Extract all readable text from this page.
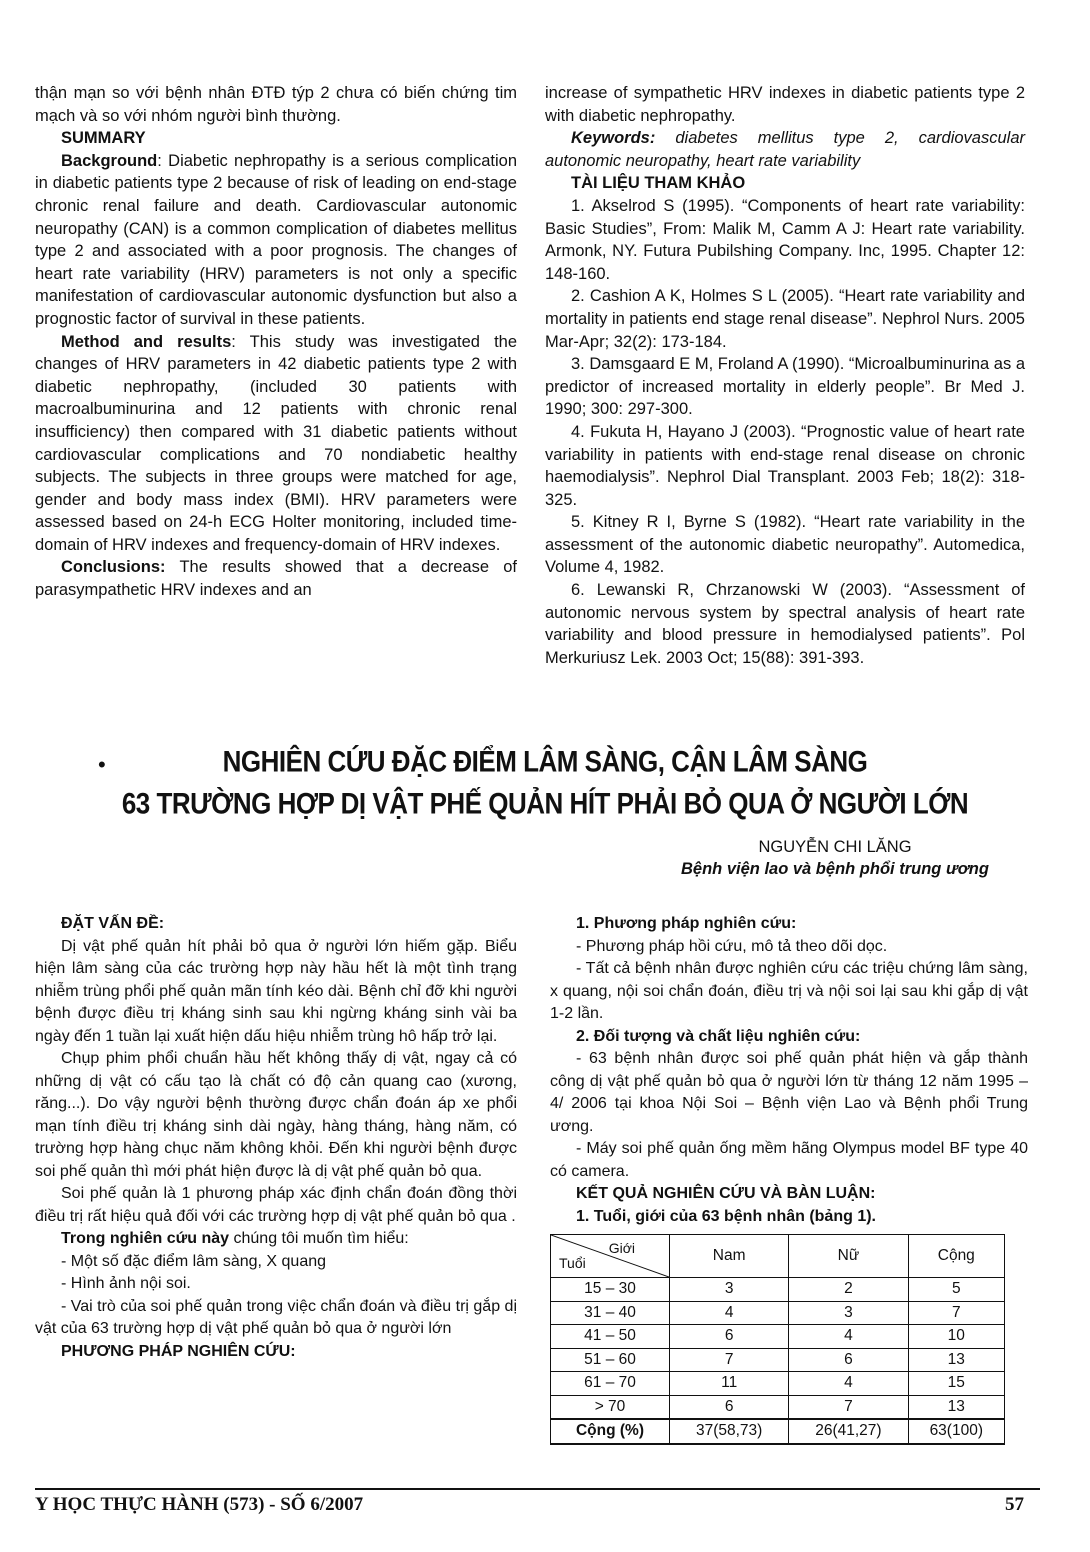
thận mạn so với bệnh nhân ĐTĐ týp 2 chưa có biến chứng tim mạch và so với nhóm người bình thường.

SUMMARY

Background: Diabetic nephropathy is a serious complication in diabetic patients type 2 because of risk of leading on end-stage chronic renal failure and death. Cardiovascular autonomic neuropathy (CAN) is a common complication of diabetes mellitus type 2 and associated with a poor prognosis. The changes of heart rate variability (HRV) parameters is not only a specific manifestation of cardiovascular autonomic dysfunction but also a prognostic factor of survival in these patients.

Method and results: This study was investigated the changes of HRV parameters in 42 diabetic patients type 2 with diabetic nephropathy, (included 30 patients with macroalbuminurina and 12 patients with chronic renal insufficiency) then compared with 31 diabetic patients without cardiovascular complications and 70 nondiabetic healthy subjects. The subjects in three groups were matched for age, gender and body mass index (BMI). HRV parameters were assessed based on 24-h ECG Holter monitoring, included time-domain of HRV indexes and frequency-domain of HRV indexes.

Conclusions: The results showed that a decrease of parasympathetic HRV indexes and an

increase of sympathetic HRV indexes in diabetic patients type 2 with diabetic nephropathy.

Keywords: diabetes mellitus type 2, cardiovascular autonomic neuropathy, heart rate variability

TÀI LIỆU THAM KHẢO

1. Akselrod S (1995). “Components of heart rate variability: Basic Studies”, From: Malik M, Camm A J: Heart rate variability. Armonk, NY. Futura Pubilshing Company. Inc, 1995. Chapter 12: 148-160.

2. Cashion A K, Holmes S L (2005). “Heart rate variability and mortality in patients end stage renal disease”. Nephrol Nurs. 2005 Mar-Apr; 32(2): 173-184.

3. Damsgaard E M, Froland A (1990). “Microalbuminurina as a predictor of increased mortality in elderly people”. Br Med J. 1990; 300: 297-300.

4. Fukuta H, Hayano J (2003). “Prognostic value of heart rate variability in patients with end-stage renal disease on chronic haemodialysis”. Nephrol Dial Transplant. 2003 Feb; 18(2): 318-325.

5. Kitney R I, Byrne S (1982). “Heart rate variability in the assessment of the autonomic diabetic neuropathy”. Automedica, Volume 4, 1982.

6. Lewanski R, Chrzanowski W (2003). “Assessment of autonomic nervous system by spectral analysis of heart rate variability and blood pressure in hemodialysed patients”. Pol Merkuriusz Lek. 2003 Oct; 15(88): 391-393.

•	NGHIÊN CỨU ĐẶC ĐIỂM LÂM SÀNG, CẬN LÂM SÀNG
63 TRƯỜNG HỢP DỊ VẬT PHẾ QUẢN HÍT PHẢI BỎ QUA Ở NGƯỜI LỚN
NGUYỄN CHI LĂNG
Bệnh viện lao và bệnh phổi trung ương

ĐẶT VẤN ĐỀ:

Dị vật phế quản hít phải bỏ qua ở người lớn hiếm gặp. Biểu hiện lâm sàng của các trường hợp này hầu hết là một tình trạng nhiễm trùng phổi phế quản mãn tính kéo dài. Bệnh chỉ đỡ khi người bệnh được điều trị kháng sinh sau khi ngừng kháng sinh vài ba ngày đến 1 tuần lại xuất hiện dấu hiệu nhiễm trùng hô hấp trở lại.

Chụp phim phổi chuẩn hầu hết không thấy dị vật, ngay cả có những dị vật có cấu tạo là chất có độ cản quang cao (xương, răng...). Do vậy người bệnh thường được chẩn đoán áp xe phổi mạn tính điều trị kháng sinh dài ngày, hàng tháng, hàng năm, có trường hợp hàng chục năm không khỏi. Đến khi người bệnh được soi phế quản thì mới phát hiện được là dị vật phế quản bỏ qua.

Soi phế quản là 1 phương pháp xác định chẩn đoán đồng thời điều trị rất hiệu quả đối với các trường hợp dị vật phế quản bỏ qua .

Trong nghiên cứu này chúng tôi muốn tìm hiểu:

- Một số đặc điểm lâm sàng, X quang

- Hình ảnh nội soi.

- Vai trò của soi phế quản trong việc chẩn đoán và điều trị gắp dị vật của 63 trường hợp dị vật phế quản bỏ qua ở người lớn

PHƯƠNG PHÁP NGHIÊN CỨU:

1. Phương pháp nghiên cứu:

- Phương pháp hồi cứu, mô tả theo dõi dọc.

- Tất cả bệnh nhân được nghiên cứu các triệu chứng lâm sàng, x quang, nội soi chẩn đoán, điều trị và nội soi lại sau khi gắp dị vật 1-2 lần.

2. Đối tượng và chất liệu nghiên cứu:

- 63 bệnh nhân được soi phế quản phát hiện và gắp thành công dị vật phế quản bỏ qua ở người lớn từ tháng 12 năm 1995 –4/ 2006 tại khoa Nội Soi – Bệnh viện Lao và Bệnh phổi Trung ương.

- Máy soi phế quản ống mềm hãng Olympus model BF type 40 có camera.

KẾT QUẢ NGHIÊN CỨU VÀ BÀN LUẬN:

1. Tuổi, giới của 63 bệnh nhân (bảng 1).

Giới
Tuổi	Nam	Nữ	Cộng
15 – 30	3	2	5
31 – 40	4	3	7
41 – 50	6	4	10
51 – 60	7	6	13
61 – 70	11	4	15
> 70	6	7	13
Cộng (%)	37(58,73)	26(41,27)	63(100)
Y HỌC THỰC HÀNH (573) - SỐ 6/2007	57
